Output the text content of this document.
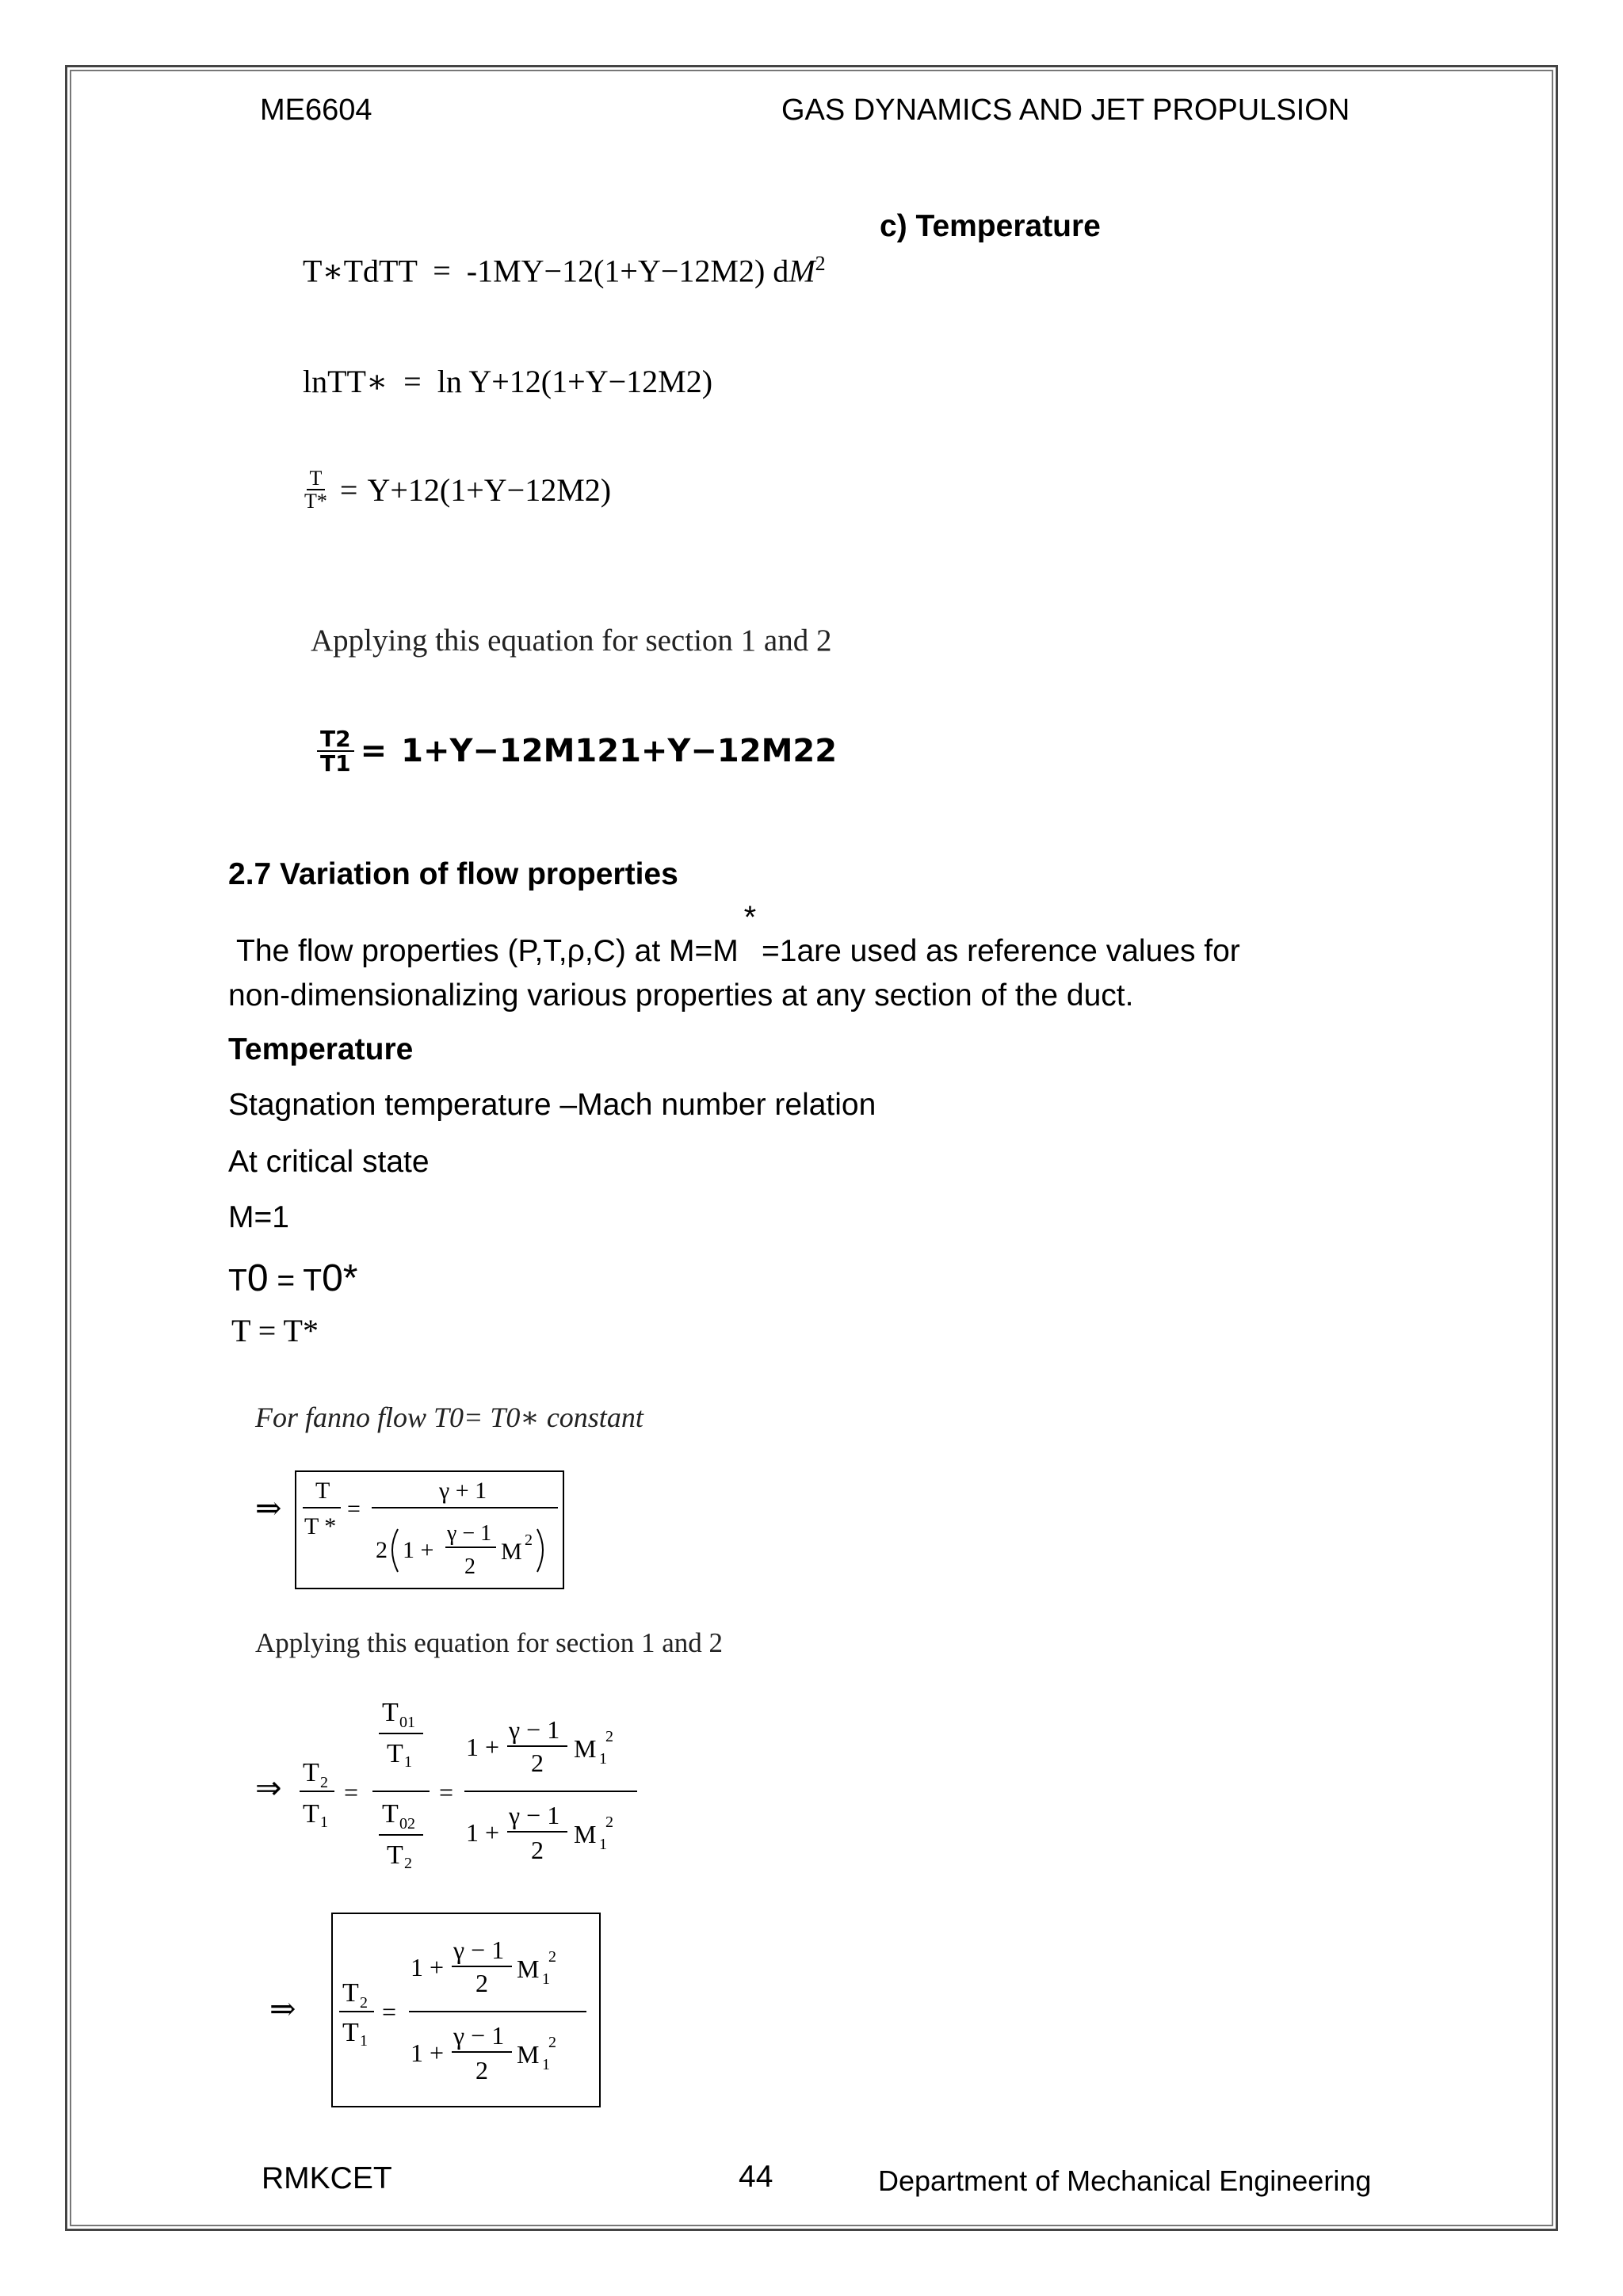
ME6604	GAS DYNAMICS AND JET PROPULSION
c) Temperature
T∗TdTT = -1MY−12(1+Y−12M2) $dM^2$
lnTT∗ = ln Y+12(1+Y−12M2)
$\frac{T}{T*} = Y+12(1+Y-12M2)$
Applying this equation for section 1 and 2
$\frac{T2}{T1} = 1+Y-12M121+Y-12M22$
2.7 Variation of flow properties
The flow properties (P,T,ρ,C) at M=M * =1are used as reference values for
non-dimensionalizing various properties at any section of the duct.
Temperature
Stagnation temperature –Mach number relation
At critical state
M=1
T0 = T0*
T = T*
For fanno flow T0= T0∗ constant
⇒ T
T *
=
γ + 1
2 1 +
γ − 1
2
M 2
Applying this equation for section 1 and 2
⇒ T 2
T 1
=
T 01
T 1
T 02
T 2
=
1 +
γ − 1
2 M 1
2
1 +
γ − 1
2
M 1
2
⇒ T 2
T 1
=
1 +
γ − 1
2 M 1
2
1 +
γ − 1
2
M 1
2
RMKCET	44	Department of Mechanical Engineering
